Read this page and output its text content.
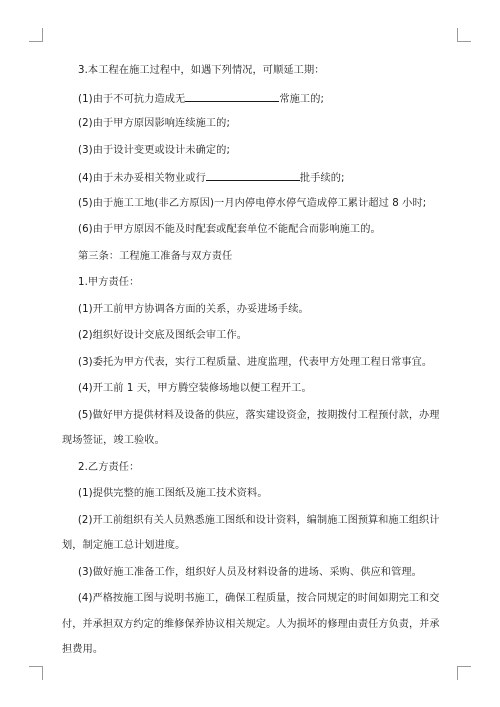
3.本工程在施工过程中，如遇下列情况，可顺延工期：
(1)由于不可抗力造成无	常施工的;
(2)由于甲方原因影响连续施工的;
(3)由于设计变更或设计未确定的;
(4)由于未办妥相关物业或行	批手续的;
(5)由于施工工地(非乙方原因)一月内停电停水停气造成停工累计超过 8 小时;
(6)由于甲方原因不能及时配套或配套单位不能配合而影响施工的。
第三条：工程施工准备与双方责任
1.甲方责任：
(1)开工前甲方协调各方面的关系，办妥进场手续。
(2)组织好设计交底及图纸会审工作。
(3)委托为甲方代表，实行工程质量、进度监理，代表甲方处理工程日常事宜。
(4)开工前 1 天，甲方腾空装修场地以便工程开工。
(5)做好甲方提供材料及设备的供应，落实建设资金，按期拨付工程预付款，办理
现场签证，竣工验收。
2.乙方责任：
(1)提供完整的施工图纸及施工技术资料。
(2)开工前组织有关人员熟悉施工图纸和设计资料，编制施工图预算和施工组织计
划，制定施工总计划进度。
(3)做好施工准备工作，组织好人员及材料设备的进场、采购、供应和管理。
(4)严格按施工图与说明书施工，确保工程质量，按合同规定的时间如期完工和交
付，并承担双方约定的维修保养协议相关规定。人为损坏的修理由责任方负责，并承
担费用。
